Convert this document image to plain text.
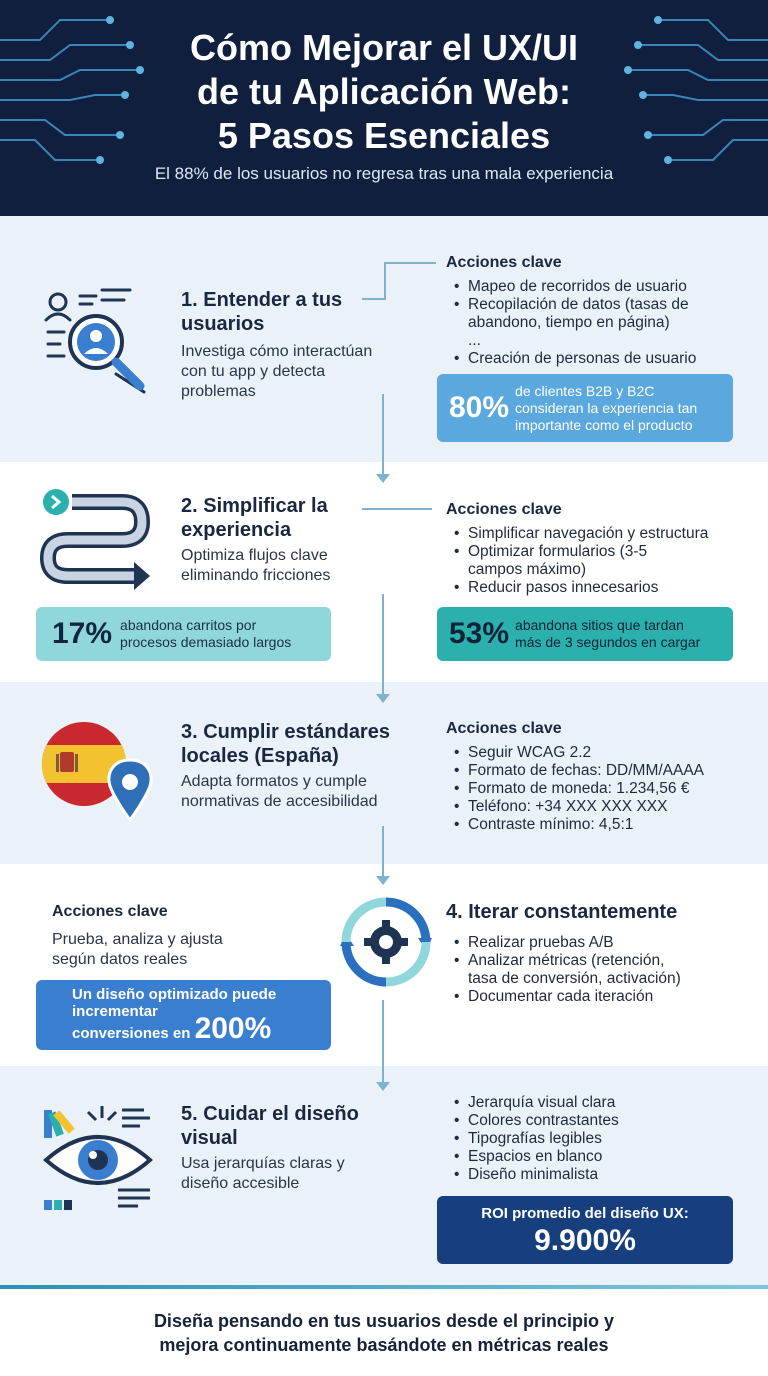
Cómo Mejorar el UX/UI
de tu Aplicación Web:
5 Pasos Esenciales
El 88% de los usuarios no regresa tras una mala experiencia
1. Entender a tus
usuarios
Investiga cómo interactúan
con tu app y detecta
problemas
Acciones clave
• Mapeo de recorridos de usuario
• Recopilación de datos (tasas de
abandono, tiempo en página)
...
• Creación de personas de usuario
80%
de clientes B2B y B2C
consideran la experiencia tan
importante como el producto
2. Simplificar la
experiencia
Optimiza flujos clave
eliminando fricciones
Acciones clave
• Simplificar navegación y estructura
• Optimizar formularios (3-5
campos máximo)
• Reducir pasos innecesarios
17% abandona carritos por
procesos demasiado largos	53% abandona sitios que tardan
más de 3 segundos en cargar
3. Cumplir estándares
locales (España)
Adapta formatos y cumple
normativas de accesibilidad
Acciones clave
• Seguir WCAG 2.2
• Formato de fechas: DD/MM/AAAA
• Formato de moneda: 1.234,56 €
• Teléfono: +34 XXX XXX XXX
• Contraste mínimo: 4,5:1
Acciones clave
Prueba, analiza y ajusta
según datos reales
4. Iterar constantemente
• Realizar pruebas A/B
• Analizar métricas (retención,
tasa de conversión, activación)
• Documentar cada iteración
Un diseño optimizado puede
incrementar
conversiones en 200%
5. Cuidar el diseño
visual
Usa jerarquías claras y
diseño accesible
• Jerarquía visual clara
• Colores contrastantes
• Tipografías legibles
• Espacios en blanco
• Diseño minimalista
ROI promedio del diseño UX:
9.900%

Diseña pensando en tus usuarios desde el principio y
mejora continuamente basándote en métricas reales
